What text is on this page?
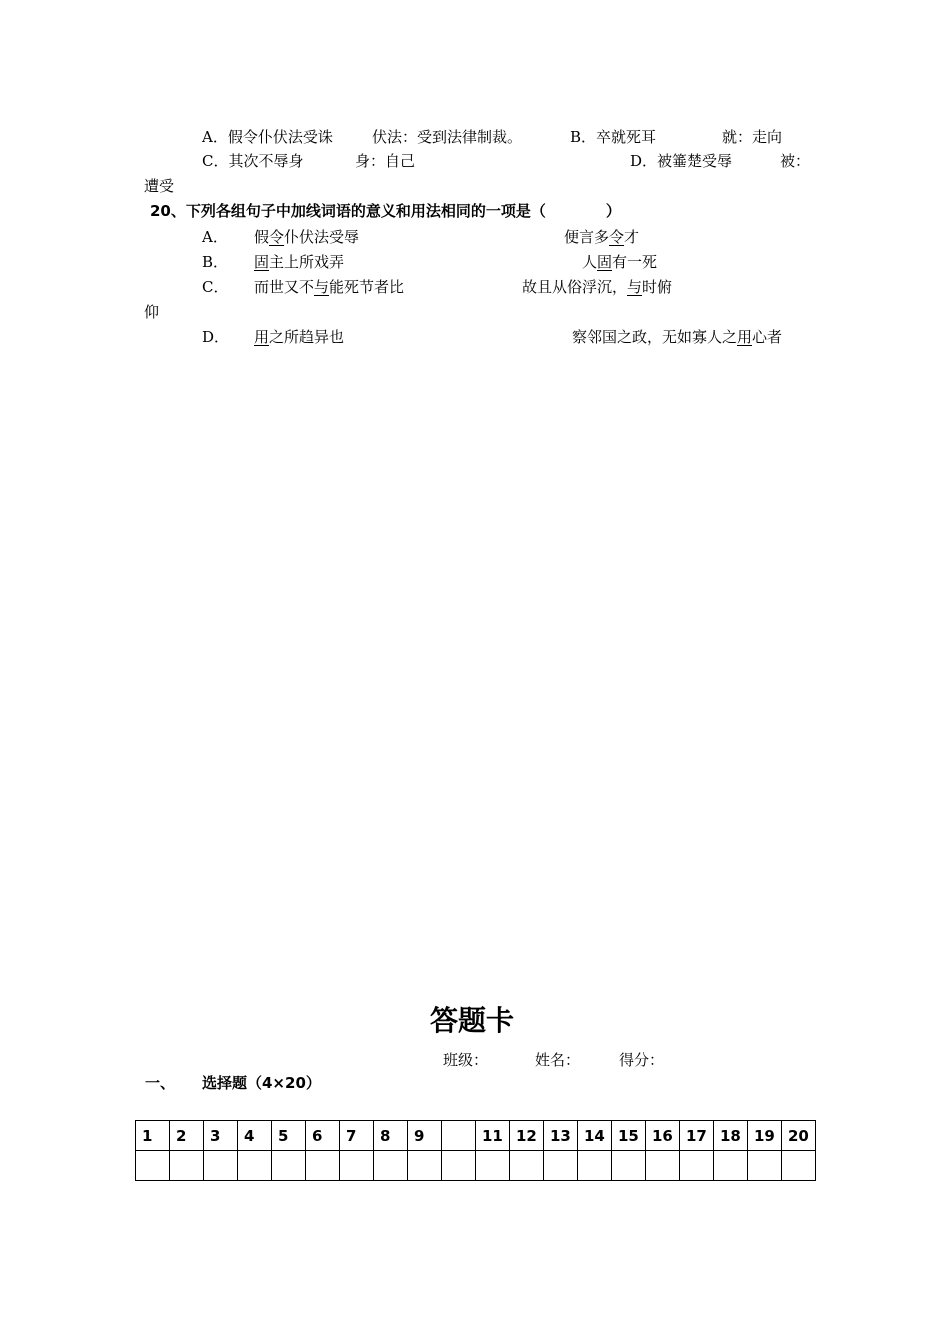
A．假令仆伏法受诛	伏法：受到法律制裁。	B．卒就死耳	就：走向
C．其次不辱身	身：自己	D．被箠楚受辱	被：
遭受
20、下列各组句子中加线词语的意义和用法相同的一项是（　　　　）
A． 假令仆伏法受辱	便言多令才
B． 固主上所戏弄	人固有一死
C． 而世又不与能死节者比	故且从俗浮沉，与时俯
仰
D． 用之所趋异也	察邻国之政，无如寡人之用心者
答题卡
班级：	姓名：	得分：
一、 选择题（4×20）
1	2	3	4	5	6	7	8	9		11	12	13	14	15	16	17	18	19	20
